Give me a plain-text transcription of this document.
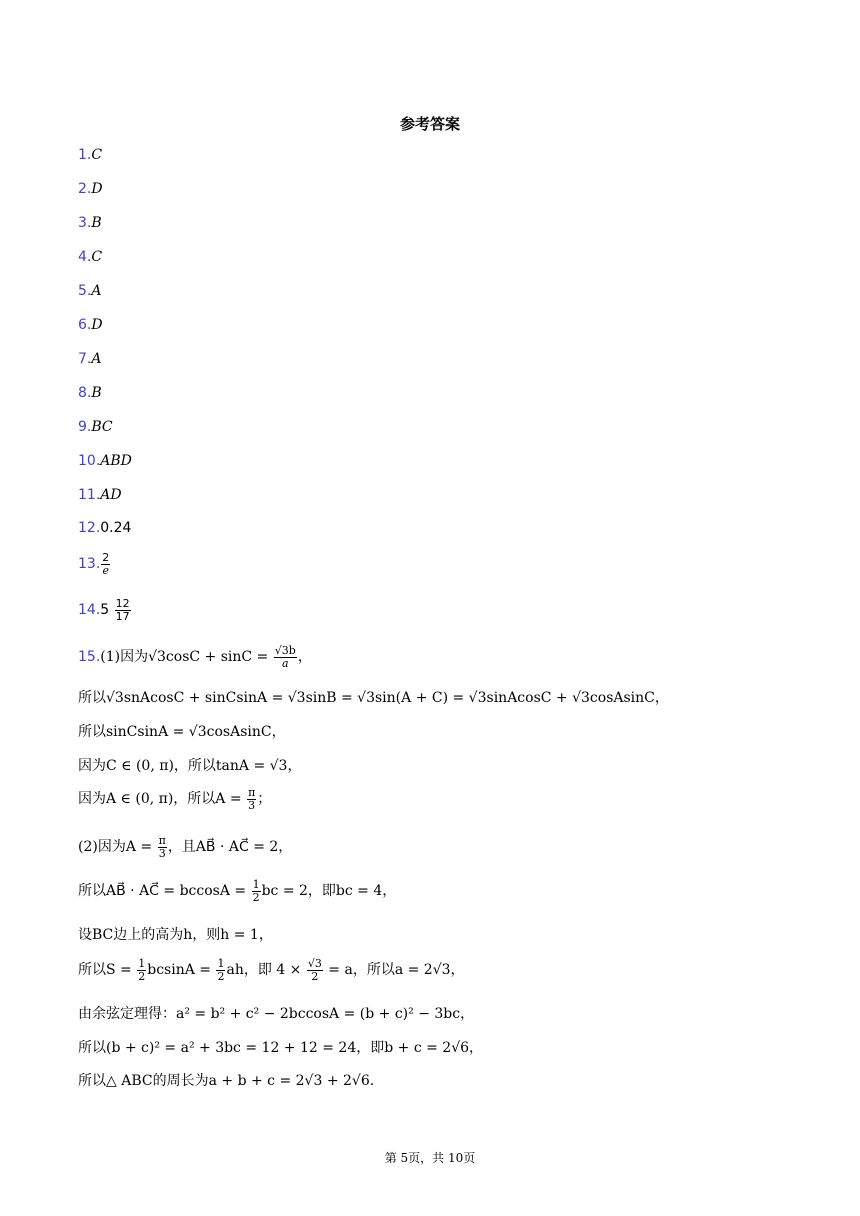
参考答案
1.C
2.D
3.B
4.C
5.A
6.D
7.A
8.B
9.BC
10.ABD
11.AD
12.0.24
13. $\frac{2}{e}$
$14.5 \frac{12}{17}$
15.(1)因为$√3\cos C + \sin C = \frac{√3b}{a}$ ，
所以√3snAcosC + sinCsinA = √3sinB = √3sin(A + C) = √3sinAcosC + √3cosAsinC，
所以sinCsinA = √3cosAsinC，
因为C ∈ (0, π)，所以tanA = √3，
因为A ∈ (0, π)，所以$A = \frac{\pi}{3}$ ；
(2)因为$A = \frac{\pi}{3}$ ，且AB⃗ · AC⃗ = 2，
所以AB⃗ · AC⃗ = $bccosA = \frac{1}{2}$ bc = 2，即bc = 4，
设BC边上的高为h，则h = 1，
所以$S = \frac{1}{2}$ $bcsinA = \frac{1}{2}$ ah，即 $4 \times \frac{√3}{2} = a$，所以a = 2√3，
由余弦定理得：a² = b² + c² − 2bccosA = (b + c)² − 3bc，
所以(b + c)² = a² + 3bc = 12 + 12 = 24，即b + c = 2√6，
所以△ ABC的周长为a + b + c = 2√3 + 2√6.
第 5页，共 10页
